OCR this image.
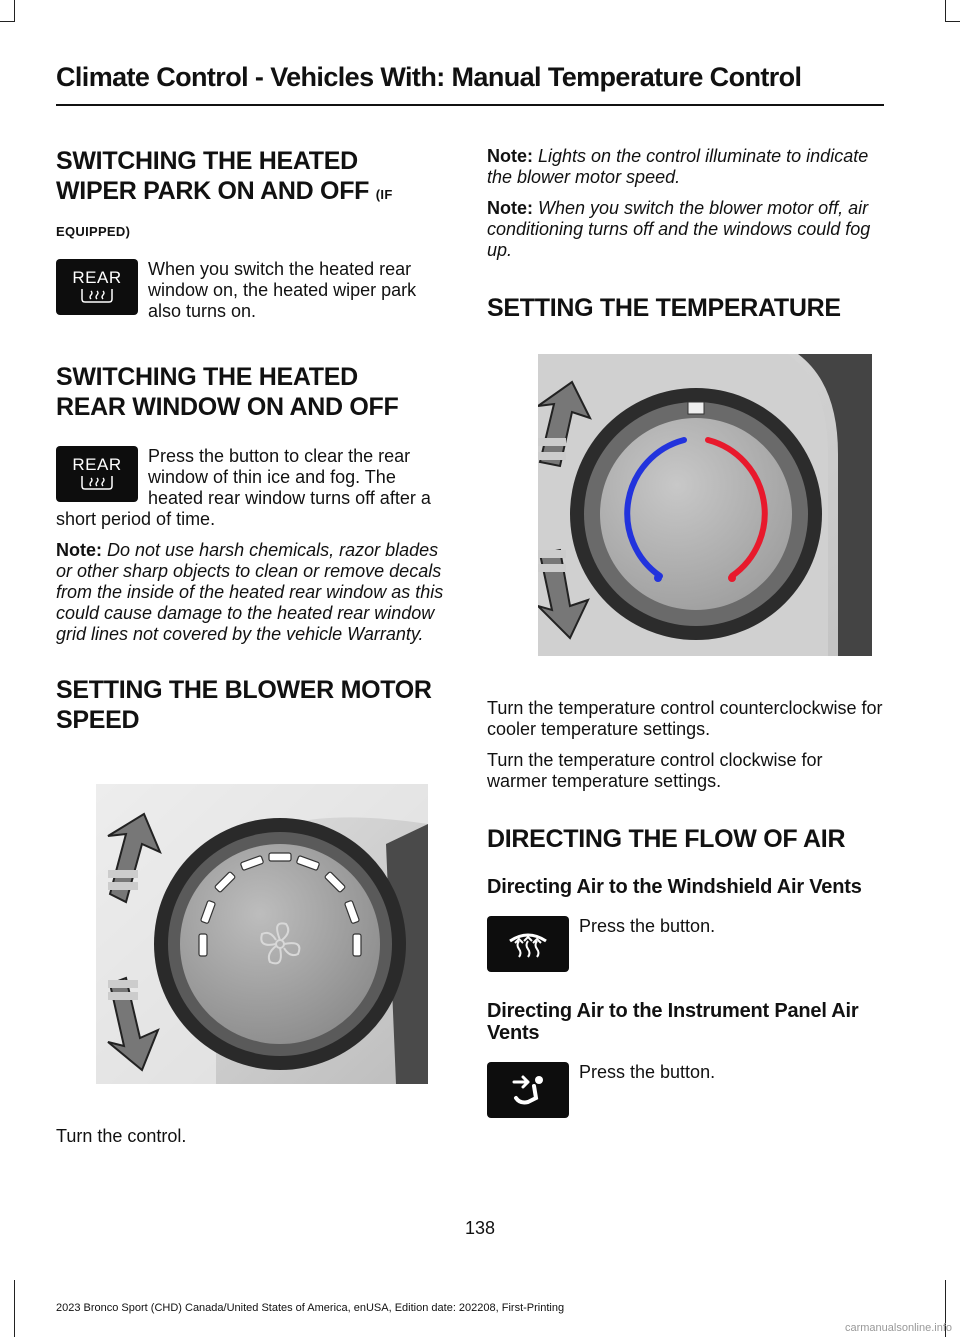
Climate Control - Vehicles With: Manual Temperature Control
SWITCHING THE HEATED
WIPER PARK ON AND OFF (IF
EQUIPPED)
REAR	When you switch the heated rear window on, the heated wiper park also turns on.

SWITCHING THE HEATED
REAR WINDOW ON AND OFF
REAR	Press the button to clear the rear window of thin ice and fog. The heated rear window turns off after a short period of time.

Note: Do not use harsh chemicals, razor blades or other sharp objects to clean or remove decals from the inside of the heated rear window as this could cause damage to the heated rear window grid lines not covered by the vehicle Warranty.

SETTING THE BLOWER MOTOR
SPEED

Turn the control.

Note: Lights on the control illuminate to indicate the blower motor speed.

Note: When you switch the blower motor off, air conditioning turns off and the windows could fog up.

SETTING THE TEMPERATURE

Turn the temperature control counterclockwise for cooler temperature settings.

Turn the temperature control clockwise for warmer temperature settings.

DIRECTING THE FLOW OF AIR
Directing Air to the Windshield Air Vents

Press the button.

Directing Air to the Instrument Panel Air Vents

Press the button.

138
2023 Bronco Sport (CHD) Canada/United States of America, enUSA, Edition date: 202208, First-Printing
carmanualsonline.info
